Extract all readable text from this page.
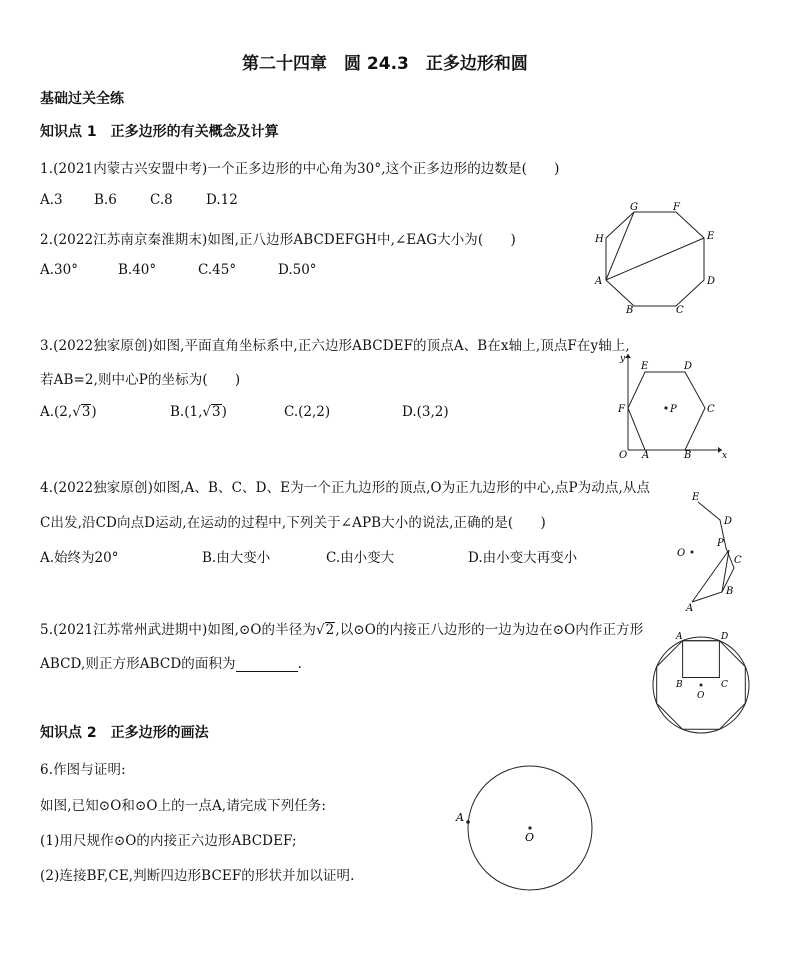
第二十四章　圆 24.3　正多边形和圆
基础过关全练
知识点 1　正多边形的有关概念及计算
1.(2021内蒙古兴安盟中考)一个正多边形的中心角为30°,这个正多边形的边数是(　　)
A.3 B.6 C.8 D.12
2.(2022江苏南京秦淮期末)如图,正八边形ABCDEFGH中,∠EAG大小为(　　)
A.30°	B.40°	C.45°	D.50°
G	F
H	E
A	D
B	C
3.(2022独家原创)如图,平面直角坐标系中,正六边形ABCDEF的顶点A、B在x轴上,顶点F在y轴上,
若AB=2,则中心P的坐标为(　　)
A.(2,√3)	B.(1,√3)	C.(2,2)	D.(3,2)
y
E	D
F	P	C
O A	B	x
4.(2022独家原创)如图,A、B、C、D、E为一个正九边形的顶点,O为正九边形的中心,点P为动点,从点
C出发,沿CD向点D运动,在运动的过程中,下列关于∠APB大小的说法,正确的是(　　)
A.始终为20°	B.由大变小	C.由小变大	D.由小变大再变小
E
D
P
O
C
B
A
5.(2021江苏常州武进期中)如图,⊙O的半径为√2,以⊙O的内接正八边形的一边为边在⊙O内作正方形
ABCD,则正方形ABCD的面积为	.
A	D
B	C
O
知识点 2　正多边形的画法
6.作图与证明:
如图,已知⊙O和⊙O上的一点A,请完成下列任务:
(1)用尺规作⊙O的内接正六边形ABCDEF;
(2)连接BF,CE,判断四边形BCEF的形状并加以证明.
A
O
